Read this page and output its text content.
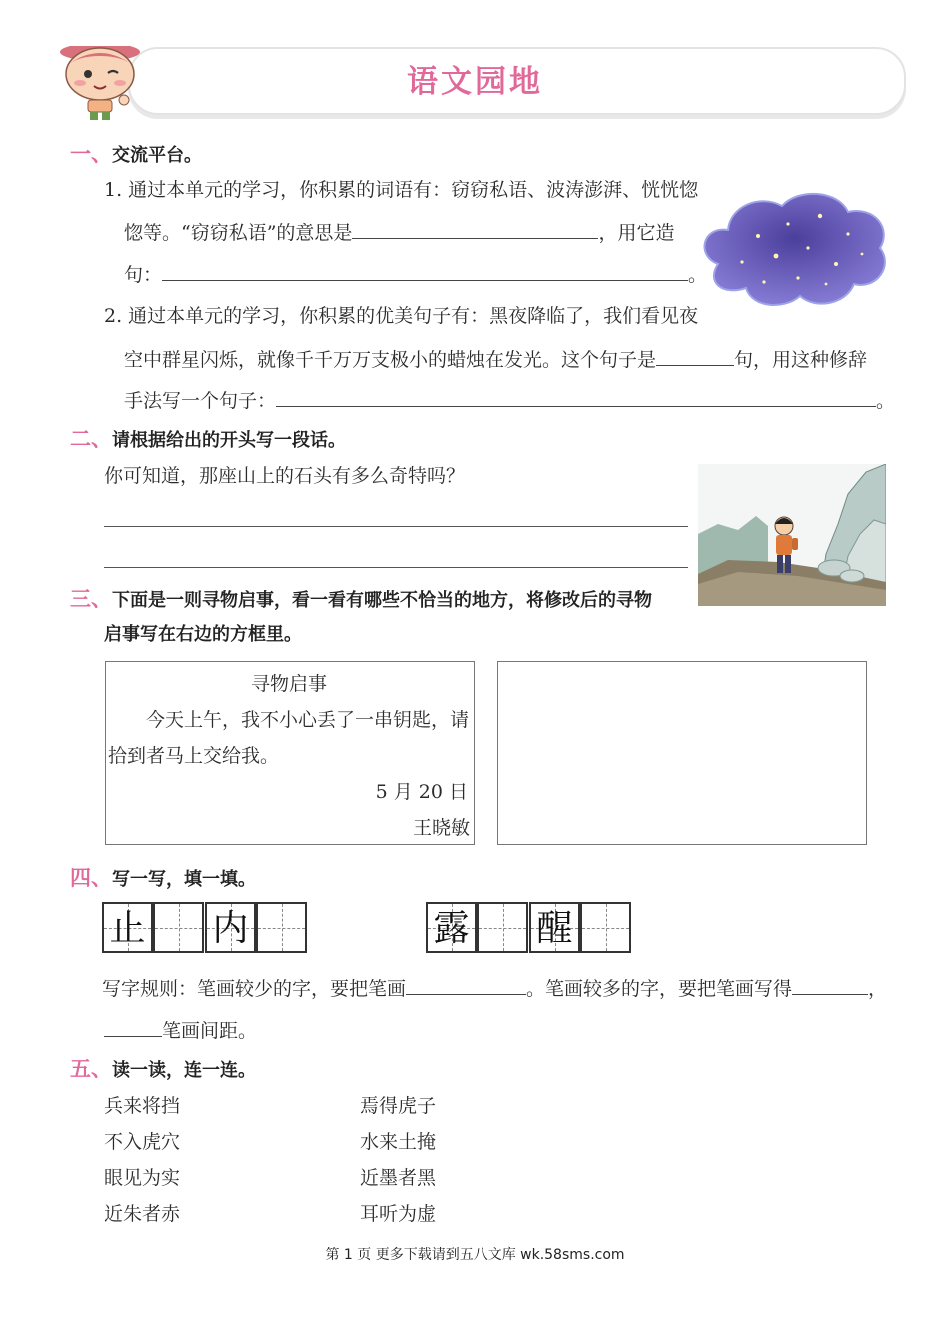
语文园地
一、交流平台。
1. 通过本单元的学习，你积累的词语有：窃窃私语、波涛澎湃、恍恍惚
惚等。“窃窃私语”的意思是	，用它造
句：	。
2. 通过本单元的学习，你积累的优美句子有：黑夜降临了，我们看见夜
空中群星闪烁，就像千千万万支极小的蜡烛在发光。这个句子是	句，用这种修辞
手法写一个句子：	。
二、请根据给出的开头写一段话。
你可知道，那座山上的石头有多么奇特吗？
三、下面是一则寻物启事，看一看有哪些不恰当的地方，将修改后的寻物
启事写在右边的方框里。
寻物启事
今天上午，我不小心丢了一串钥匙，请
拾到者马上交给我。
5 月 20 日
王晓敏
四、写一写，填一填。
止 内	露 醒
写字规则：笔画较少的字，要把笔画	。笔画较多的字，要把笔画写得	，
笔画间距。
五、读一读，连一连。
兵来将挡
不入虎穴
眼见为实
近朱者赤
焉得虎子
水来土掩
近墨者黑
耳听为虚
第 1 页 更多下载请到五八文库 wk.58sms.com
